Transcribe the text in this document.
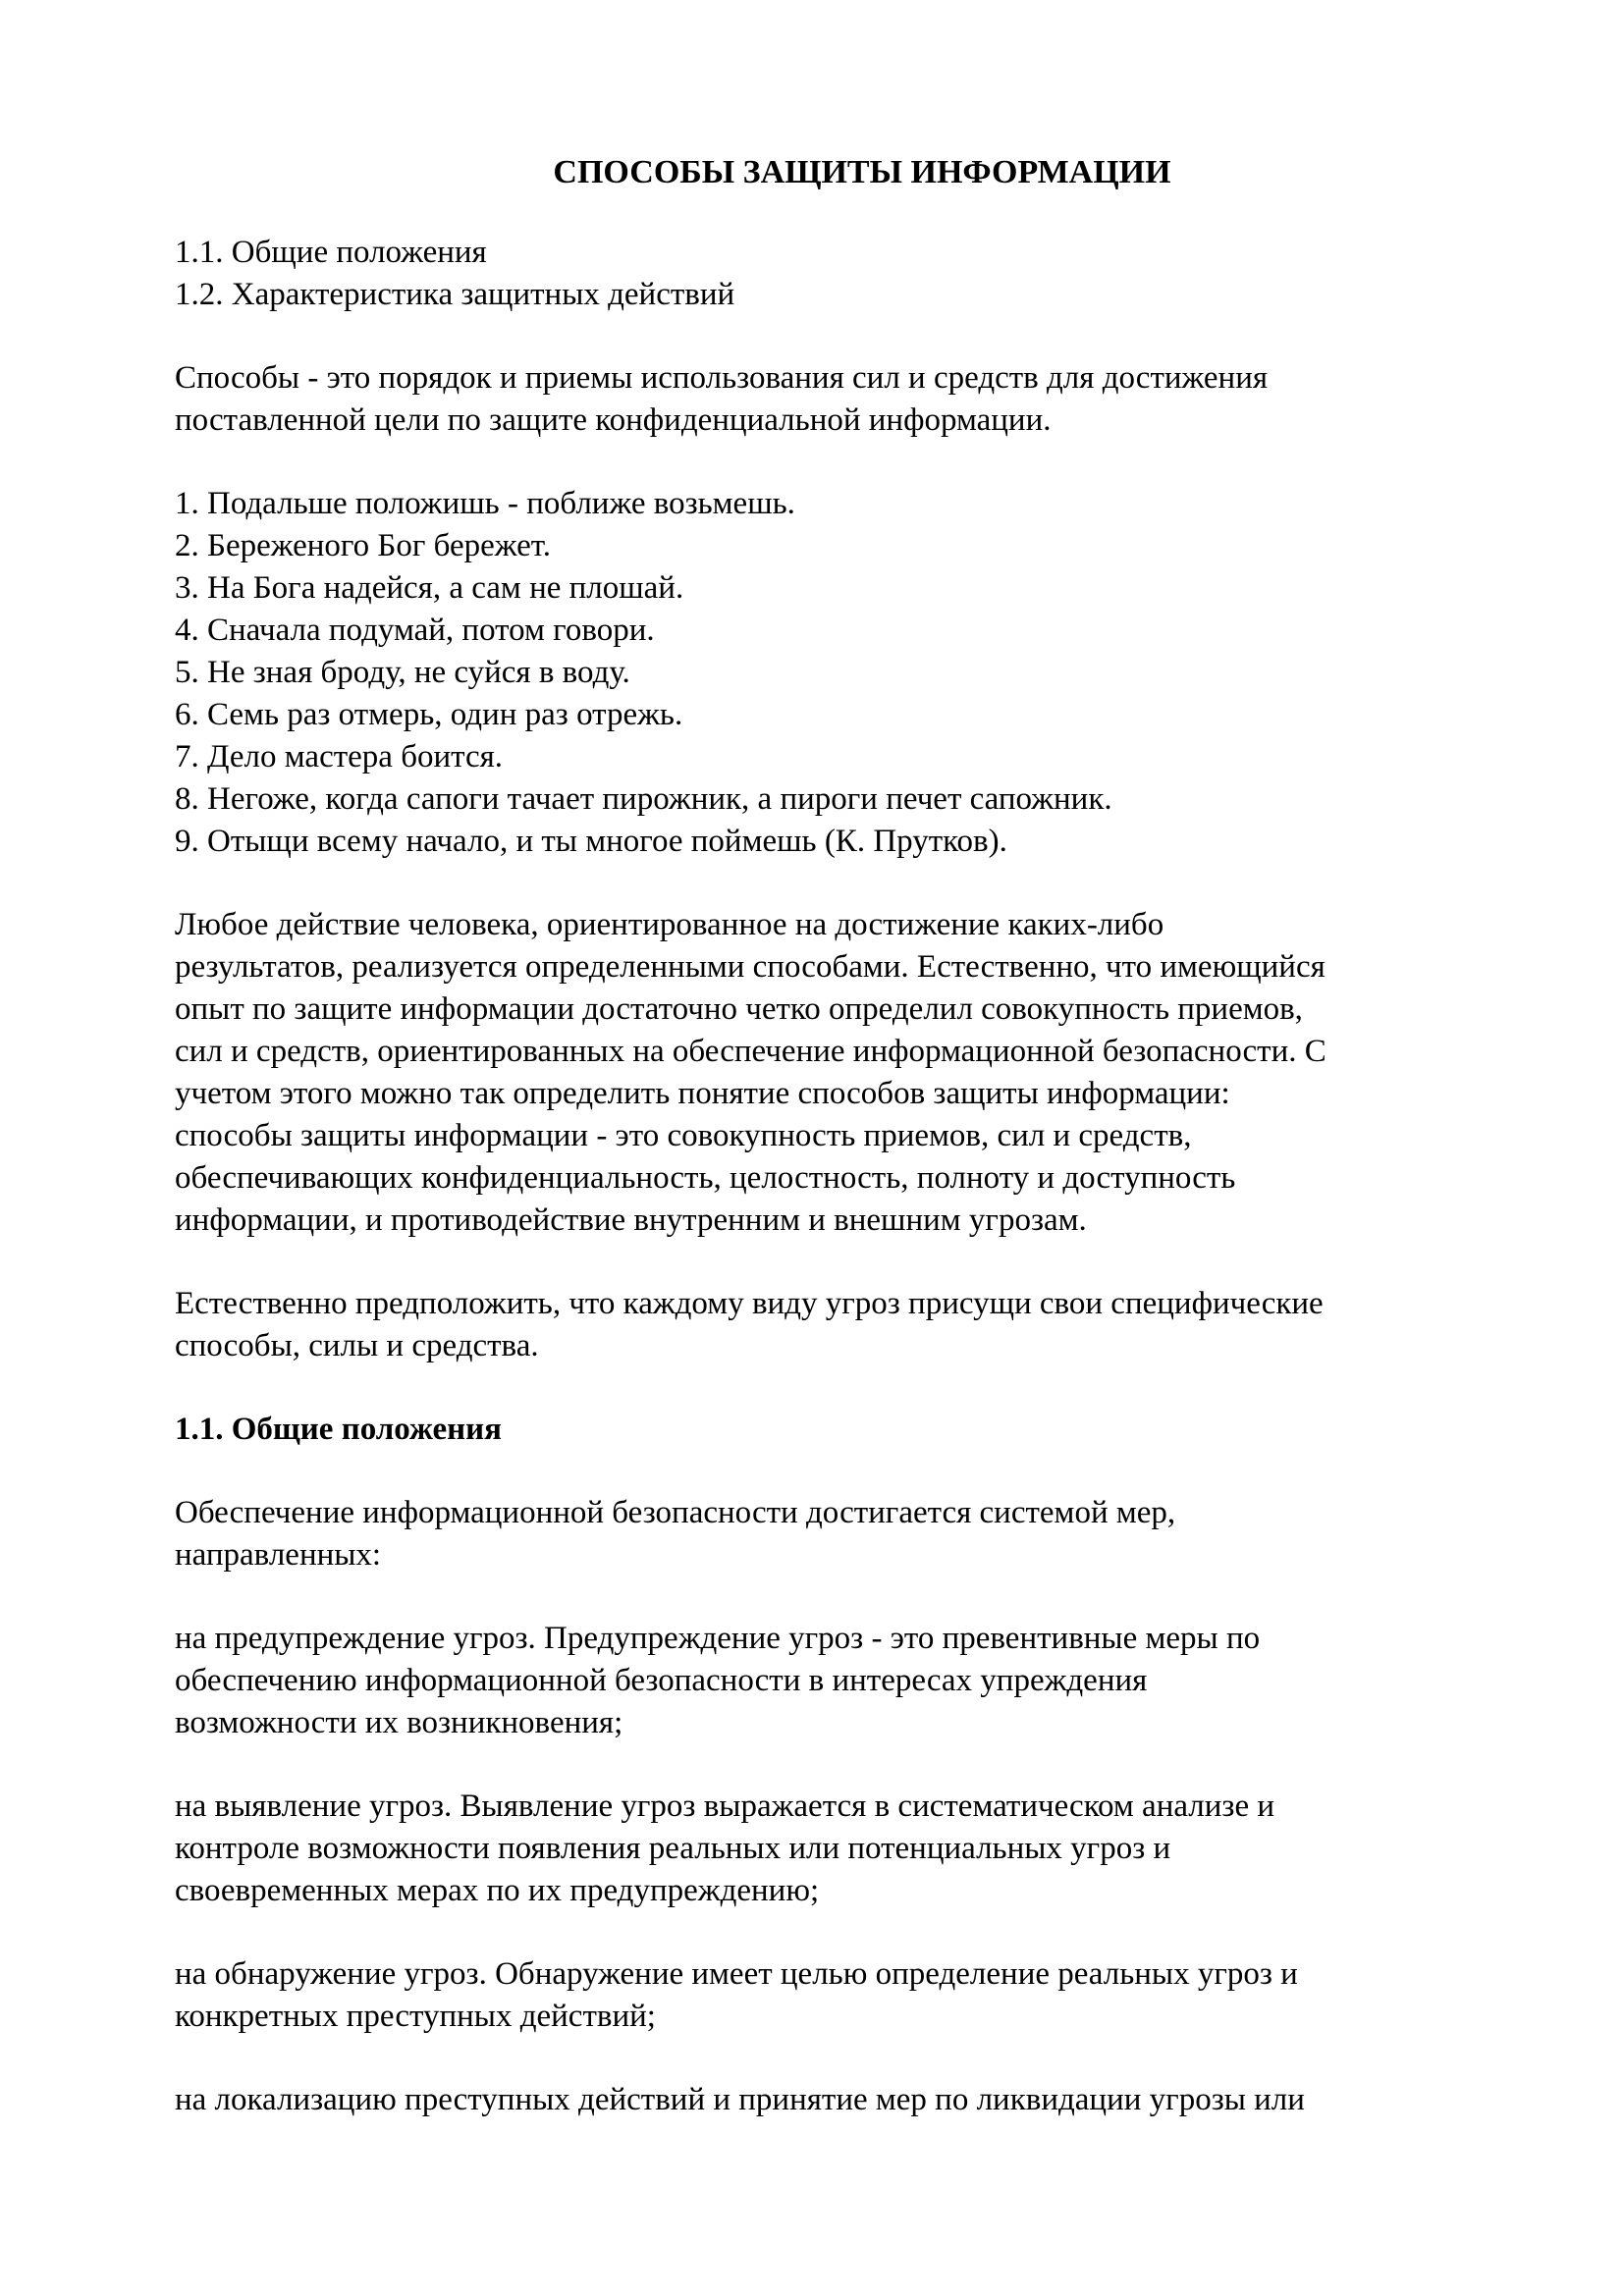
СПОСОБЫ ЗАЩИТЫ ИНФОРМАЦИИ
1.1. Общие положения
1.2. Характеристика защитных действий

Способы - это порядок и приемы использования сил и средств для достижения
поставленной цели по защите конфиденциальной информации.

1. Подальше положишь - поближе возьмешь.
2. Береженого Бог бережет.
3. На Бога надейся, а сам не плошай.
4. Сначала подумай, потом говори.
5. Не зная броду, не суйся в воду.
6. Семь раз отмерь, один раз отрежь.
7. Дело мастера боится.
8. Негоже, когда сапоги тачает пирожник, а пироги печет сапожник.
9. Отыщи всему начало, и ты многое поймешь (К. Прутков).

Любое действие человека, ориентированное на достижение каких-либо
результатов, реализуется определенными способами. Естественно, что имеющийся
опыт по защите информации достаточно четко определил совокупность приемов,
сил и средств, ориентированных на обеспечение информационной безопасности. С
учетом этого можно так определить понятие способов защиты информации:
способы защиты информации - это совокупность приемов, сил и средств,
обеспечивающих конфиденциальность, целостность, полноту и доступность
информации, и противодействие внутренним и внешним угрозам.

Естественно предположить, что каждому виду угроз присущи свои специфические
способы, силы и средства.

1.1. Общие положения

Обеспечение информационной безопасности достигается системой мер,
направленных:

на предупреждение угроз. Предупреждение угроз - это превентивные меры по
обеспечению информационной безопасности в интересах упреждения
возможности их возникновения;

на выявление угроз. Выявление угроз выражается в систематическом анализе и
контроле возможности появления реальных или потенциальных угроз и
своевременных мерах по их предупреждению;

на обнаружение угроз. Обнаружение имеет целью определение реальных угроз и
конкретных преступных действий;

на локализацию преступных действий и принятие мер по ликвидации угрозы или
